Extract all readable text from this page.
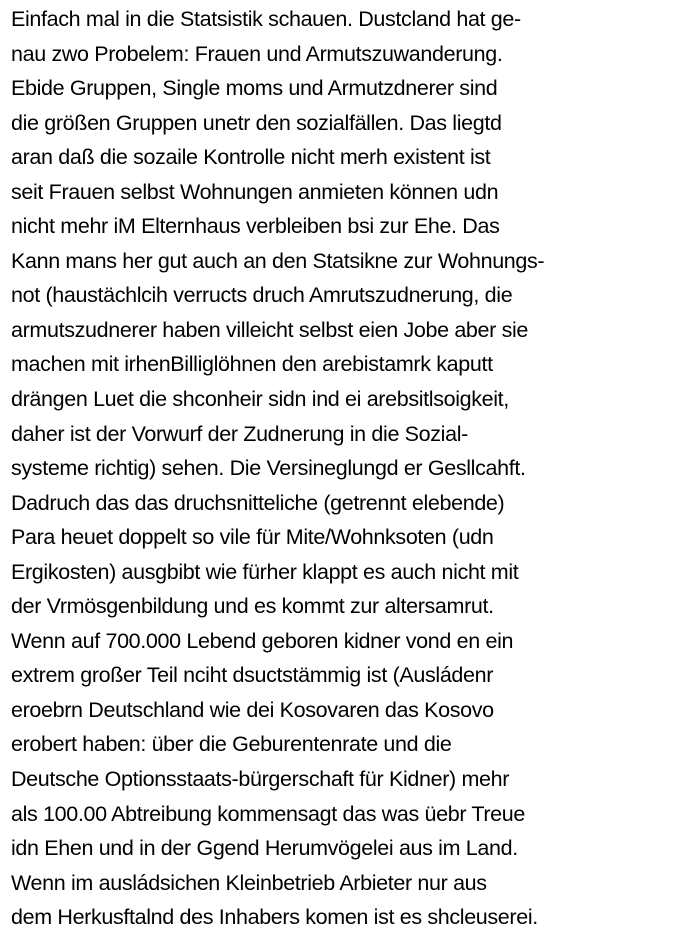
Einfach mal in die Statsistik schauen. Dustcland hat ge-
nau zwo Probelem: Frauen und Armutszuwanderung.
Ebide Gruppen, Single moms und Armutzdnerer sind
die größen Gruppen unetr den sozialfällen. Das liegtd
aran daß die sozaile Kontrolle nicht merh existent ist
seit Frauen selbst Wohnungen anmieten können udn
nicht mehr iM Elternhaus verbleiben bsi zur Ehe. Das
Kann mans her gut auch an den Statsikne zur Wohnungs-
not (haustächlcih verructs druch Amrutszudnerung, die
armutszudnerer haben villeicht selbst eien Jobe aber sie
machen mit irhenBilliglöhnen den arebistamrk kaputt
drängen Luet die shconheir sidn ind ei arebsitlsoigkeit,
daher ist der Vorwurf der Zudnerung in die Sozial-
systeme richtig) sehen. Die Versineglungd er Gesllcahft.
Dadruch das das druchsnitteliche (getrennt elebende)
Para heuet doppelt so vile für Mite/Wohnksoten (udn
Ergikosten) ausgbibt wie fürher klappt es auch nicht mit
der Vrmösgenbildung und es kommt zur altersamrut.
Wenn auf 700.000 Lebend geboren kidner vond en ein
extrem großer Teil nciht dsuctstämmig ist (Ausládenr
eroebrn Deutschland wie dei Kosovaren das Kosovo
erobert haben: über die Geburentenrate und die
Deutsche Optionsstaats-bürgerschaft für Kidner) mehr
als 100.00 Abtreibung kommensagt das was üebr Treue
idn Ehen und in der Ggend Herumvögelei aus im Land.
Wenn im ausládsichen Kleinbetrieb Arbieter nur aus
dem Herkusftalnd des Inhabers komen ist es shcleuserei.
